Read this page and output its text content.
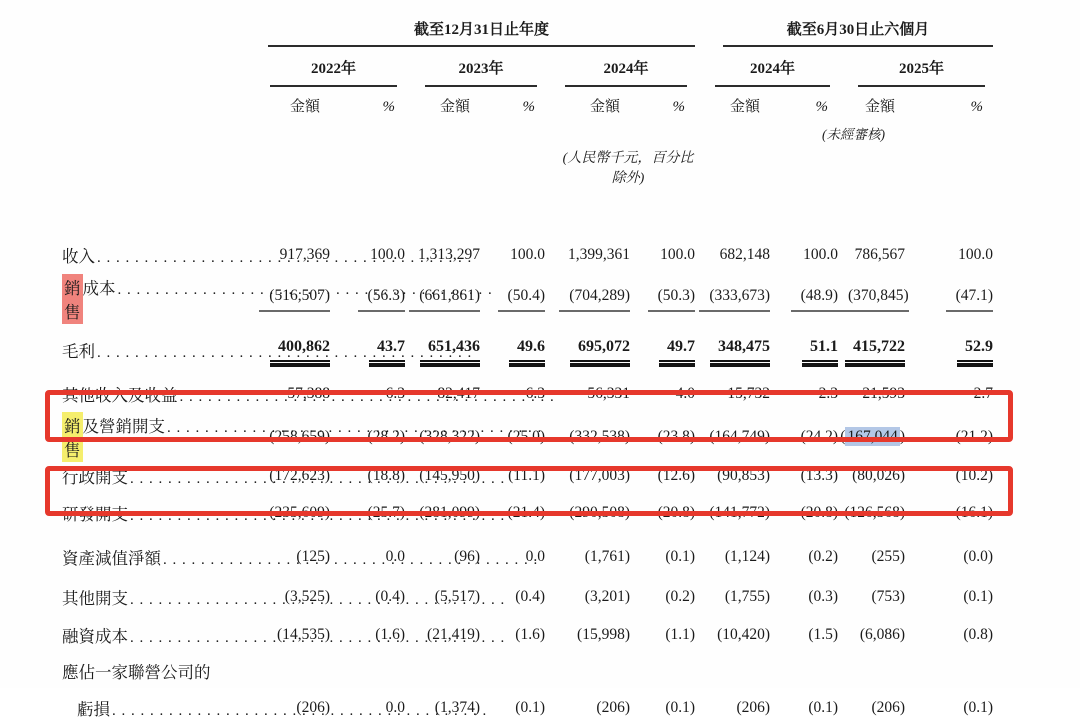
	截至12月31日止年度						截至6月30日止六個月			

	2022年		2023年		2024年		2024年		2025年	

	金額	%	金額	%	金額	%	金額	%	金額	%
								(未經審核)		
					(人民幣千元，百分比除外)					

收入
. . .	917,369	100.0	1,313,297	100.0	1,399,361	100.0	682,148	100.0	786,567	100.0

銷售
成本
. . .	(516,507)	(56.3)	(661,861)	(50.4)	(704,289)	(50.3)	(333,673)	(48.9)	(370,845)	(47.1)

毛利
. . .	400,862	43.7	651,436	49.6	695,072	49.7	348,475	51.1	415,722	52.9

其他收入及收益
. . .	57,388	6.3	82,417	6.3	56,331	4.0	15,732	2.3	21,593	2.7

銷售
及營銷開支
. . .	(258,659)	(28.2)	(328,322)	(25.0)	(332,538)	(23.8)	(164,749)	(24.2)	( 167,044 )	(21.2)

行政開支
. . .	(172,623)	(18.8)	(145,950)	(11.1)	(177,003)	(12.6)	(90,853)	(13.3)	(80,026)	(10.2)

研發開支
. . .	(235,609)	(25.7)	(281,099)	(21.4)	(290,508)	(20.8)	(141,772)	(20.8)	(126,568)	(16.1)

資產減值淨額
. . .	(125)	0.0	(96)	0.0	(1,761)	(0.1)	(1,124)	(0.2)	(255)	(0.0)

其他開支
. . .	(3,525)	(0.4)	(5,517)	(0.4)	(3,201)	(0.2)	(1,755)	(0.3)	(753)	(0.1)

融資成本
. . .	(14,535)	(1.6)	(21,419)	(1.6)	(15,998)	(1.1)	(10,420)	(1.5)	(6,086)	(0.8)

應佔一家聯營公司的										

虧損
. . .	(206)	0.0	(1,374)	(0.1)	(206)	(0.1)	(206)	(0.1)	(206)	(0.1)
